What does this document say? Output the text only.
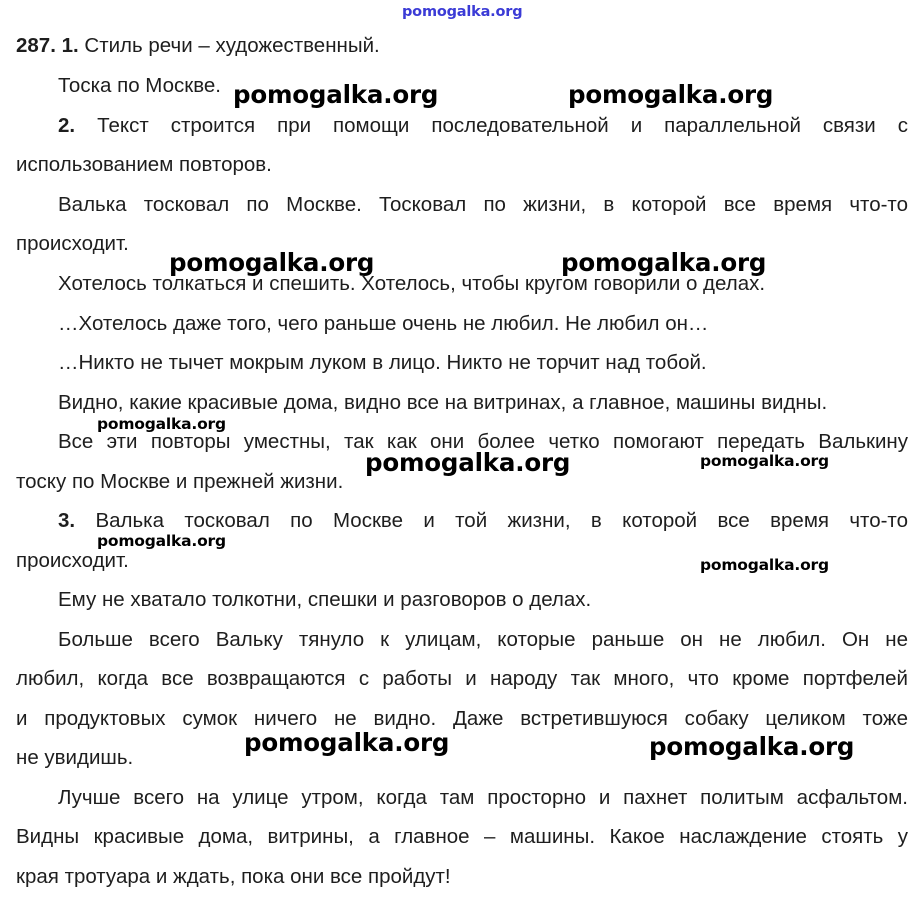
287. 1. Стиль речи – художественный.
Тоска по Москве.
2. Текст строится при помощи последовательной и параллельной связи с
использованием повторов.
Валька тосковал по Москве. Тосковал по жизни, в которой все время что-то
происходит.
Хотелось толкаться и спешить. Хотелось, чтобы кругом говорили о делах.
…Хотелось даже того, чего раньше очень не любил. Не любил он…
…Никто не тычет мокрым луком в лицо. Никто не торчит над тобой.
Видно, какие красивые дома, видно все на витринах, а главное, машины видны.
Все эти повторы уместны, так как они более четко помогают передать Валькину
тоску по Москве и прежней жизни.
3. Валька тосковал по Москве и той жизни, в которой все время что-то
происходит.
Ему не хватало толкотни, спешки и разговоров о делах.
Больше всего Вальку тянуло к улицам, которые раньше он не любил. Он не
любил, когда все возвращаются с работы и народу так много, что кроме портфелей
и продуктовых сумок ничего не видно. Даже встретившуюся собаку целиком тоже
не увидишь.
Лучше всего на улице утром, когда там просторно и пахнет политым асфальтом.
Видны красивые дома, витрины, а главное – машины. Какое наслаждение стоять у
края тротуара и ждать, пока они все пройдут!
pomogalka.org
pomogalka.org	pomogalka.org
pomogalka.org	pomogalka.org
pomogalka.org
pomogalka.org	pomogalka.org
pomogalka.org
pomogalka.org
pomogalka.org	pomogalka.org
